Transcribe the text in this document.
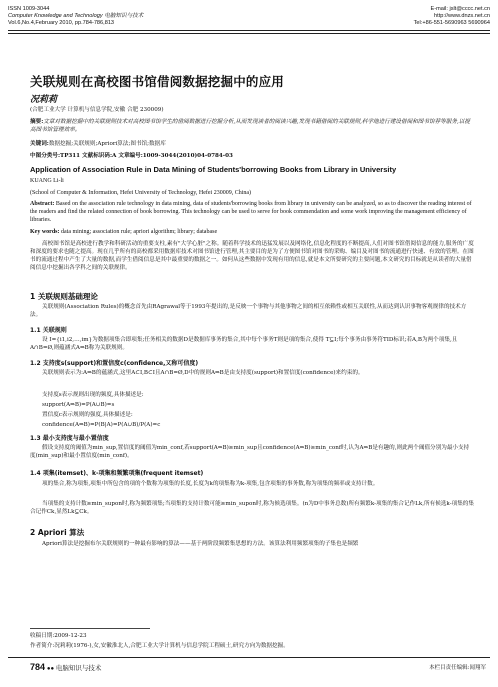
ISSN 1009-3044
Computer Knowledge and Technology 电脑知识与技术
Vol.6,No.4,February 2010, pp.784-786,813
E-mail: jslt@cccc.net.cn
http://www.dnzs.net.cn
Tel:+86-551-5690963 5690964
关联规则在高校图书馆借阅数据挖掘中的应用
况莉莉
(合肥工业大学 计算机与信息学院,安徽 合肥 230009)
摘要:文章对数据挖掘中的关联规则技术对高校图书馆学生的借阅数据进行挖掘分析,从而发现读者的阅读兴趣,发现书籍借阅的关联规则,科学地进行建设借阅和图书馆荐等服务,以提高图书馆管理效率。
关键词:数据挖掘;关联规则;Apriori算法;图书馆;数据库
中图分类号:TP311 文献标识码:A 文章编号:1009-3044(2010)04-0784-03
Application of Association Rule in Data Mining of Students'borrowing Books from Library in University
KUANG Li-li
(School of Computer & Information, Hefei University of Technology, Hefei 230009, China)
Abstract: Based on the association rule technology in data mining, data of students'borrowing books from library in university can be analyzed, so as to discover the reading interest of the readers and find the related connection of book borrowing. This technology can be used to serve for book commendation and some work improving the management efficiency of libraries.
Key words: data mining; association rule; apriori algorithm; library; database
高校图书馆是高校进行教学和科研活动的重要支柱,素有"大学心脏"之称。随着科学技术的迅猛发展以及网络化,信息化程度的不断提高,人们对图书馆借阅信息的能力,服务的广度和深度的要求也随之提高。现在几乎所有的高校都采用数据库技术对图书馆进行管理,其主要目的是为了方便图书馆对图书的采购、编目及对图书的流通进行快速、有效的管理。在图书的流通过程中产生了大量的数据,而学生借阅信息是其中最重要的数据之一。如何从这些数据中发现有用的信息,就是本文所要研究的主要问题,本文研究的目标就是从读者的大量借阅信息中挖掘出各学科之间的关联规律。
1 关联规则基础理论
关联规则(Association Rules)的概念首先由RAgrawal等于1993年提出的,是反映一个事物与其他事物之间的相互依赖性或相互关联性,从而达到认识事物客观规律的技术方法。
1.1 关联规则
设 I={i1,i2,…,im}为数据项集合即项集;任务相关的数据D是数据库事务的集合,其中每个事务T则是项的集合,使得 T⊆I;每个事务由事务符TID标识;若A,B为两个项集,且A∩B=Ø,则蕴涵式A⇒B称为关联规则。
1.2 支持度s(support)和置信度c(confidence,又称可信度)
关联规则表示为:A⇒B的蕴涵式,这里A⊂I,B⊂I且A∩B=Ø,D中的规则A⇒B是由支持度(support)和置信度(confidence)来约束的。
支持度s表示规则出现的频度,具体描述是:
support(A⇒B)=P(A∪B)=s
置信度c表示规则的强度,具体描述是:
confidence(A⇒B)=P(B|A)=P(A∪B)/P(A)=c
1.3 最小支持度与最小置信度
假设支持度的阈值为min_sup,置信度的阈值为min_conf,若support(A⇒B)≥min_sup且confidence(A⇒B)≥min_conf时,认为A⇒B是有趣的,则此两个阈值分别为最小支持度(min_sup)和最小置信度(min_conf)。
1.4 项集(itemset)、k-项集和频繁项集(frequent itemset)
项的集合,称为项集,项集中所包含的项的个数称为项集的长度,长度为k的项集称为k-项集,包含项集的事务数,称为项集的频率或支持计数。
当项集的支持计数≥min_supon时,称为频繁项集;当项集的支持计数可能≥min_supon时,称为候选项集。(n为D中事务总数)所有频繁k-项集的集合记作Lk,所有候选k-项集的集合记作Ck,显然Lk⊆Ck。
2 Apriori 算法
Apriori算法是挖掘布尔关联规则的一种最有影响的算法——基于两阶段频繁集思想的方法。该算法利用频繁项集的子集也是频繁
收稿日期:2009-12-23
作者简介:况莉莉(1976-),女,安徽淮北人,合肥工业大学计算机与信息学院工程硕士,研究方向为数据挖掘。
784 ●● 电脑知识与技术	本栏目责任编辑:闻翔军
